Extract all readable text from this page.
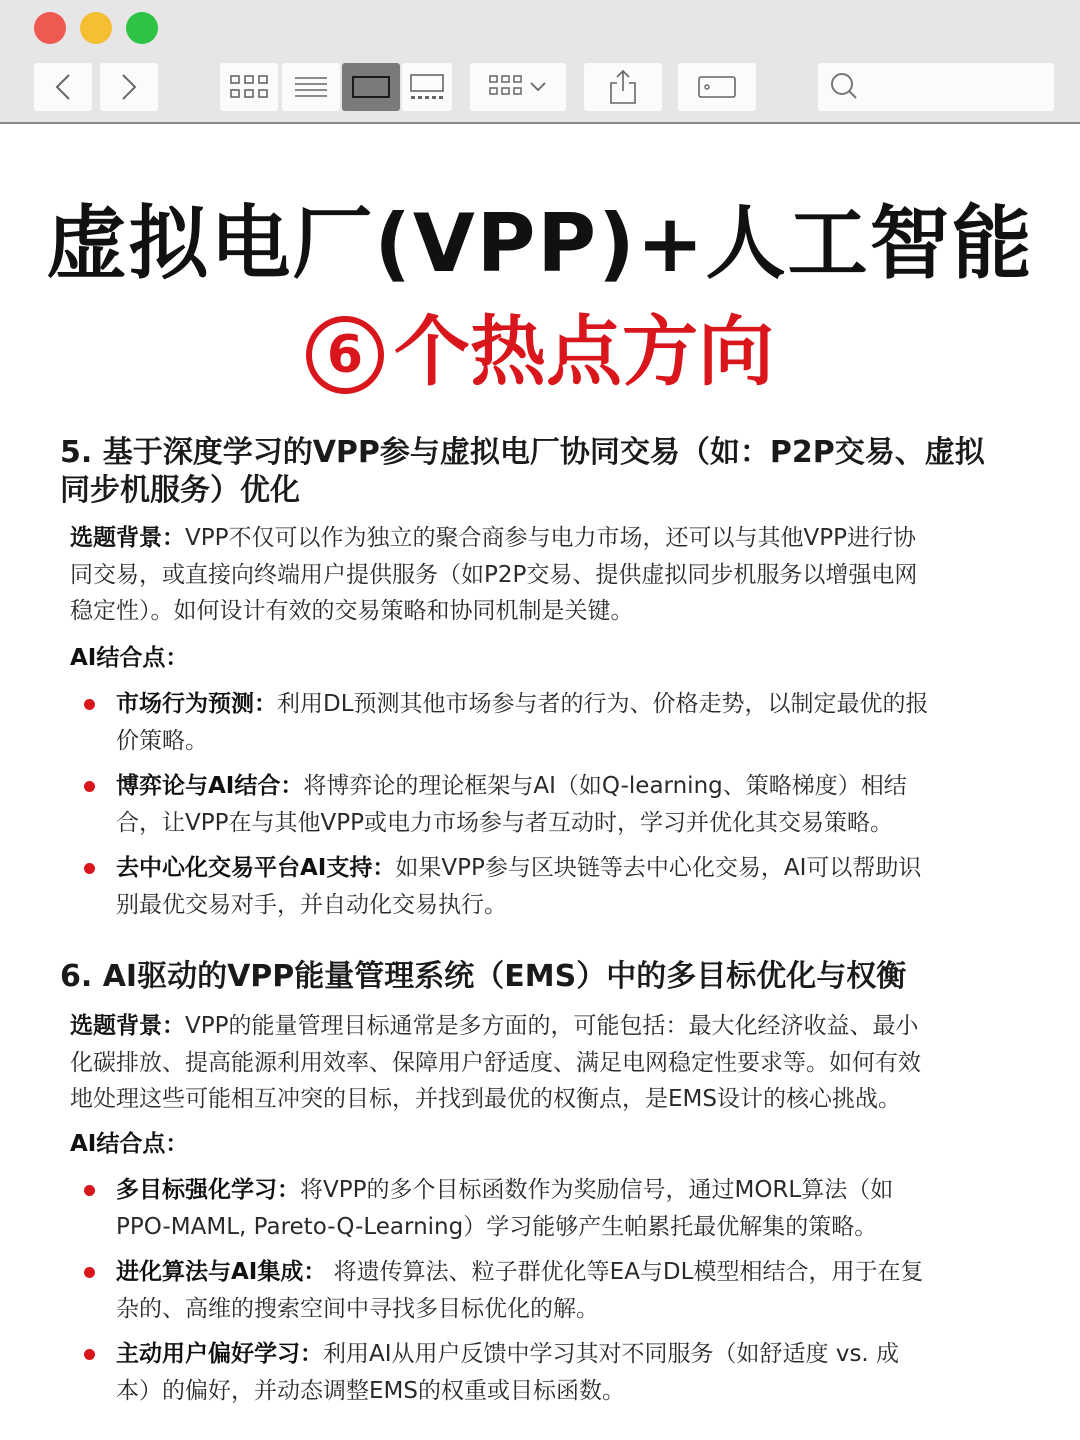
虚拟电厂(VPP)+人工智能
6 个热点方向
5. 基于深度学习的VPP参与虚拟电厂协同交易（如：P2P交易、虚拟
同步机服务）优化
选题背景：VPP不仅可以作为独立的聚合商参与电力市场，还可以与其他VPP进行协
同交易，或直接向终端用户提供服务（如P2P交易、提供虚拟同步机服务以增强电网
稳定性）。如何设计有效的交易策略和协同机制是关键。
AI结合点：
市场行为预测：利用DL预测其他市场参与者的行为、价格走势，以制定最优的报
价策略。
博弈论与AI结合：将博弈论的理论框架与AI（如Q-learning、策略梯度）相结
合，让VPP在与其他VPP或电力市场参与者互动时，学习并优化其交易策略。
去中心化交易平台AI支持：如果VPP参与区块链等去中心化交易，AI可以帮助识
别最优交易对手，并自动化交易执行。
6. AI驱动的VPP能量管理系统（EMS）中的多目标优化与权衡
选题背景：VPP的能量管理目标通常是多方面的，可能包括：最大化经济收益、最小
化碳排放、提高能源利用效率、保障用户舒适度、满足电网稳定性要求等。如何有效
地处理这些可能相互冲突的目标，并找到最优的权衡点，是EMS设计的核心挑战。
AI结合点：
多目标强化学习：将VPP的多个目标函数作为奖励信号，通过MORL算法（如
PPO-MAML, Pareto-Q-Learning）学习能够产生帕累托最优解集的策略。
进化算法与AI集成： 将遗传算法、粒子群优化等EA与DL模型相结合，用于在复
杂的、高维的搜索空间中寻找多目标优化的解。
主动用户偏好学习：利用AI从用户反馈中学习其对不同服务（如舒适度 vs. 成
本）的偏好，并动态调整EMS的权重或目标函数。
